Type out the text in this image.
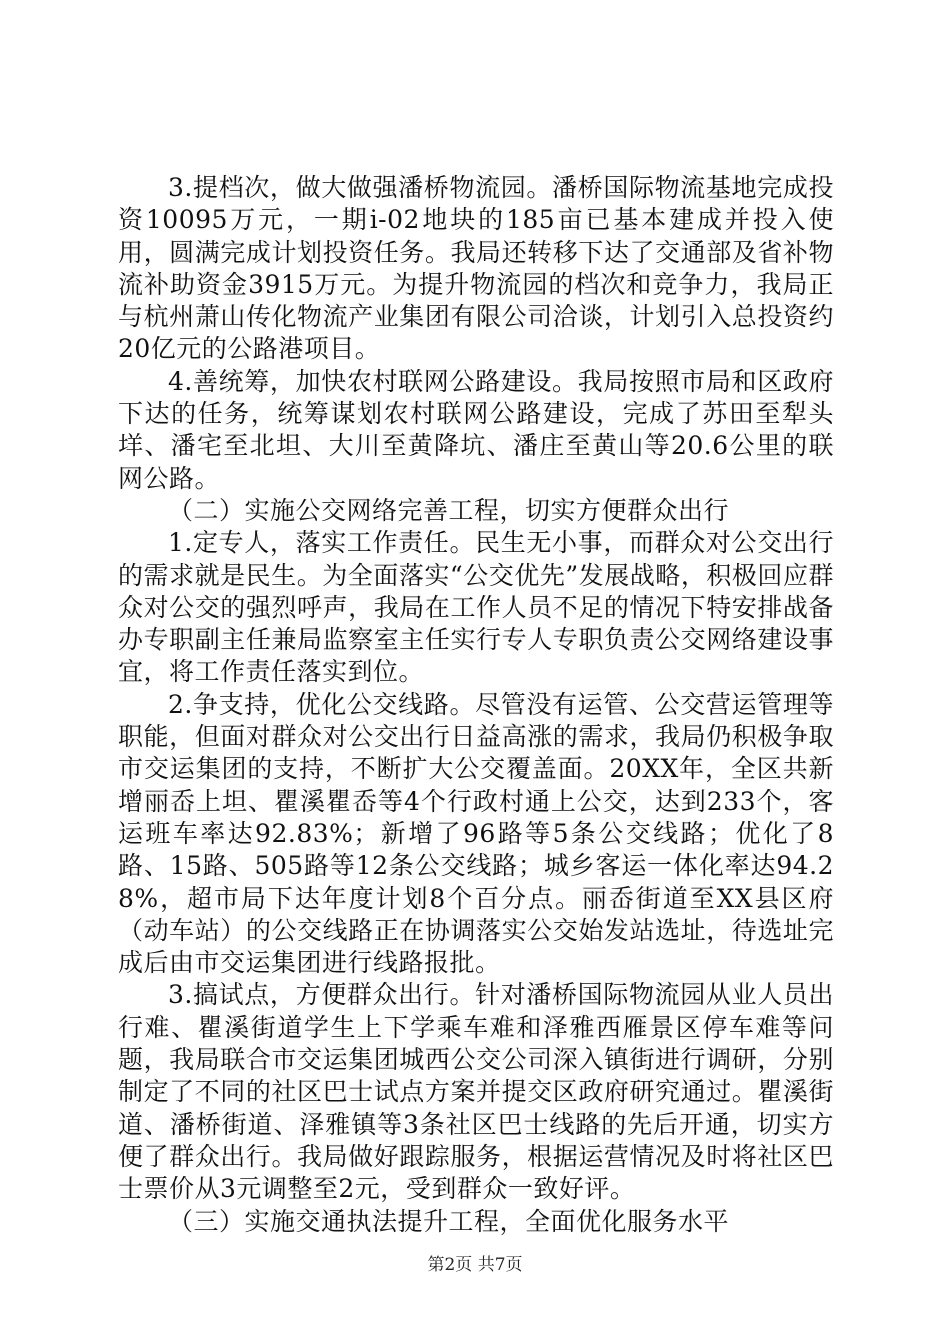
3.提档次，做大做强潘桥物流园。潘桥国际物流基地完成投资10095万元，一期i-02地块的185亩已基本建成并投入使用，圆满完成计划投资任务。我局还转移下达了交通部及省补物流补助资金3915万元。为提升物流园的档次和竞争力，我局正与杭州萧山传化物流产业集团有限公司洽谈，计划引入总投资约20亿元的公路港项目。

4.善统筹，加快农村联网公路建设。我局按照市局和区政府下达的任务，统筹谋划农村联网公路建设，完成了苏田至犁头垟、潘宅至北坦、大川至黄降坑、潘庄至黄山等20.6公里的联网公路。

（二）实施公交网络完善工程，切实方便群众出行

1.定专人，落实工作责任。民生无小事，而群众对公交出行的需求就是民生。为全面落实“公交优先”发展战略，积极回应群众对公交的强烈呼声，我局在工作人员不足的情况下特安排战备办专职副主任兼局监察室主任实行专人专职负责公交网络建设事宜，将工作责任落实到位。

2.争支持，优化公交线路。尽管没有运管、公交营运管理等职能，但面对群众对公交出行日益高涨的需求，我局仍积极争取市交运集团的支持，不断扩大公交覆盖面。20XX年，全区共新增丽岙上坦、瞿溪瞿岙等4个行政村通上公交，达到233个，客运班车率达92.83%；新增了96路等5条公交线路；优化了8路、15路、505路等12条公交线路；城乡客运一体化率达94.28%，超市局下达年度计划8个百分点。丽岙街道至XX县区府（动车站）的公交线路正在协调落实公交始发站选址，待选址完成后由市交运集团进行线路报批。

3.搞试点，方便群众出行。针对潘桥国际物流园从业人员出行难、瞿溪街道学生上下学乘车难和泽雅西雁景区停车难等问题，我局联合市交运集团城西公交公司深入镇街进行调研，分别制定了不同的社区巴士试点方案并提交区政府研究通过。瞿溪街道、潘桥街道、泽雅镇等3条社区巴士线路的先后开通，切实方便了群众出行。我局做好跟踪服务，根据运营情况及时将社区巴士票价从3元调整至2元，受到群众一致好评。

（三）实施交通执法提升工程，全面优化服务水平

第2页 共7页
